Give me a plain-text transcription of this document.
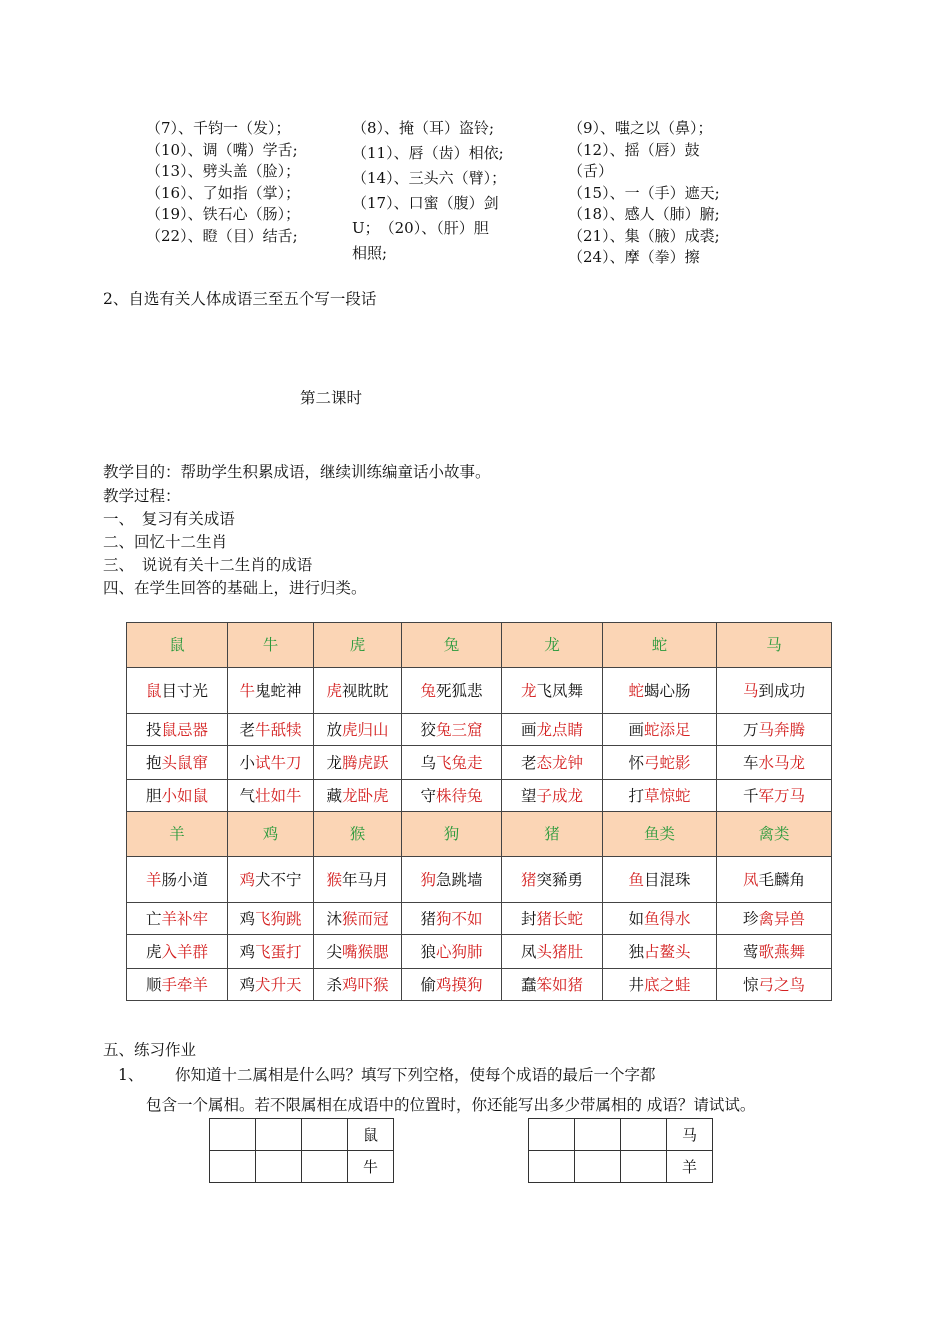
（7）、千钧一（发）；
（10）、调（嘴）学舌;
（13）、劈头盖（脸）；
（16）、了如指（掌）；
（19）、铁石心（肠）；
（22）、瞪（目）结舌;
（8）、掩（耳）盗铃;
（11）、唇（齿）相依;
（14）、三头六（臂）；
（17）、口蜜（腹）剑
U；　（20）、（肝）胆
相照;
（9）、嗤之以（鼻）；
（12）、摇（唇）鼓
（舌）
（15）、一（手）遮天;
（18）、感人（肺）腑;
（21）、集（腋）成裘;
（24）、摩（拳）擦
2、自选有关人体成语三至五个写一段话
第二课时
教学目的：帮助学生积累成语，继续训练编童话小故事。
教学过程：
一、　复习有关成语
二、回忆十二生肖
三、　说说有关十二生肖的成语
四、在学生回答的基础上，进行归类。
鼠	牛	虎	兔	龙	蛇	马

鼠目寸光	牛鬼蛇神	虎视眈眈	兔死狐悲	龙飞凤舞	蛇蝎心肠	马到成功

投鼠忌器	老牛舐犊	放虎归山	狡兔三窟	画龙点睛	画蛇添足	万马奔腾

抱头鼠窜	小试牛刀	龙腾虎跃	乌飞兔走	老态龙钟	怀弓蛇影	车水马龙

胆小如鼠	气壮如牛	藏龙卧虎	守株待兔	望子成龙	打草惊蛇	千军万马

羊	鸡	猴	狗	猪	鱼类	禽类

羊肠小道	鸡犬不宁	猴年马月	狗急跳墙	猪突豨勇	鱼目混珠	凤毛麟角

亡羊补牢	鸡飞狗跳	沐猴而冠	猪狗不如	封猪长蛇	如鱼得水	珍禽异兽

虎入羊群	鸡飞蛋打	尖嘴猴腮	狼心狗肺	凤头猪肚	独占鳌头	莺歌燕舞

顺手牵羊	鸡犬升天	杀鸡吓猴	偷鸡摸狗	蠢笨如猪	井底之蛙	惊弓之鸟
五、练习作业
1、 你知道十二属相是什么吗？填写下列空格，使每个成语的最后一个字都
包含一个属相。若不限属相在成语中的位置时，你还能写出多少带属相的 成语？请试试。
			鼠
			牛
			马
			羊
